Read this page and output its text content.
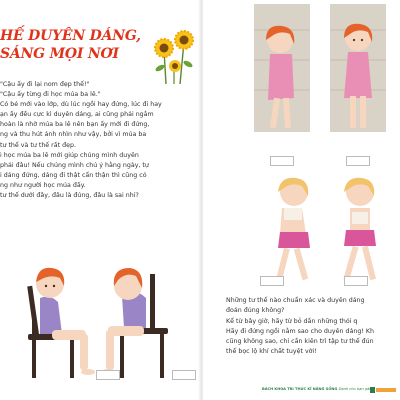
HẾ DUYÊN DÁNG,
SÁNG MỌI NƠI
"Cậu ấy đi lại nom đẹp thế!"
"Cậu ấy từng đi học múa ba lê."
Có bé mới vào lớp, dù lúc ngồi hay đứng, lúc đi hay
ạn ấy đều cực kì duyên dáng, ai cũng phải ngắm
hoàn là nhờ múa ba lê nên bạn ấy mới đi đứng,
ng và thu hút ánh nhìn như vậy, bởi vì múa ba
tư thế và tư thế rất đẹp.
i học múa ba lê mới giúp chúng mình duyên
phải đâu! Nếu chúng mình chú ý hằng ngày, tự
i dáng đứng, dáng đi thật cẩn thận thì cũng có
ng như người học múa đấy.
tư thế dưới đây, đâu là đúng, đâu là sai nhỉ?
Những tư thế nào chuẩn xác và duyên dáng
đoán đúng không?
Kể từ bây giờ, hãy từ bỏ dần những thói q
Hãy đi đứng ngồi nằm sao cho duyên dáng! Kh
cũng không sao, chỉ cần kiên trì tập tư thế đún
thế bọc lộ khí chất tuyệt vời!
BÁCH KHOA TRI THỨC KĨ NĂNG SỐNG Dành cho bạn gái
